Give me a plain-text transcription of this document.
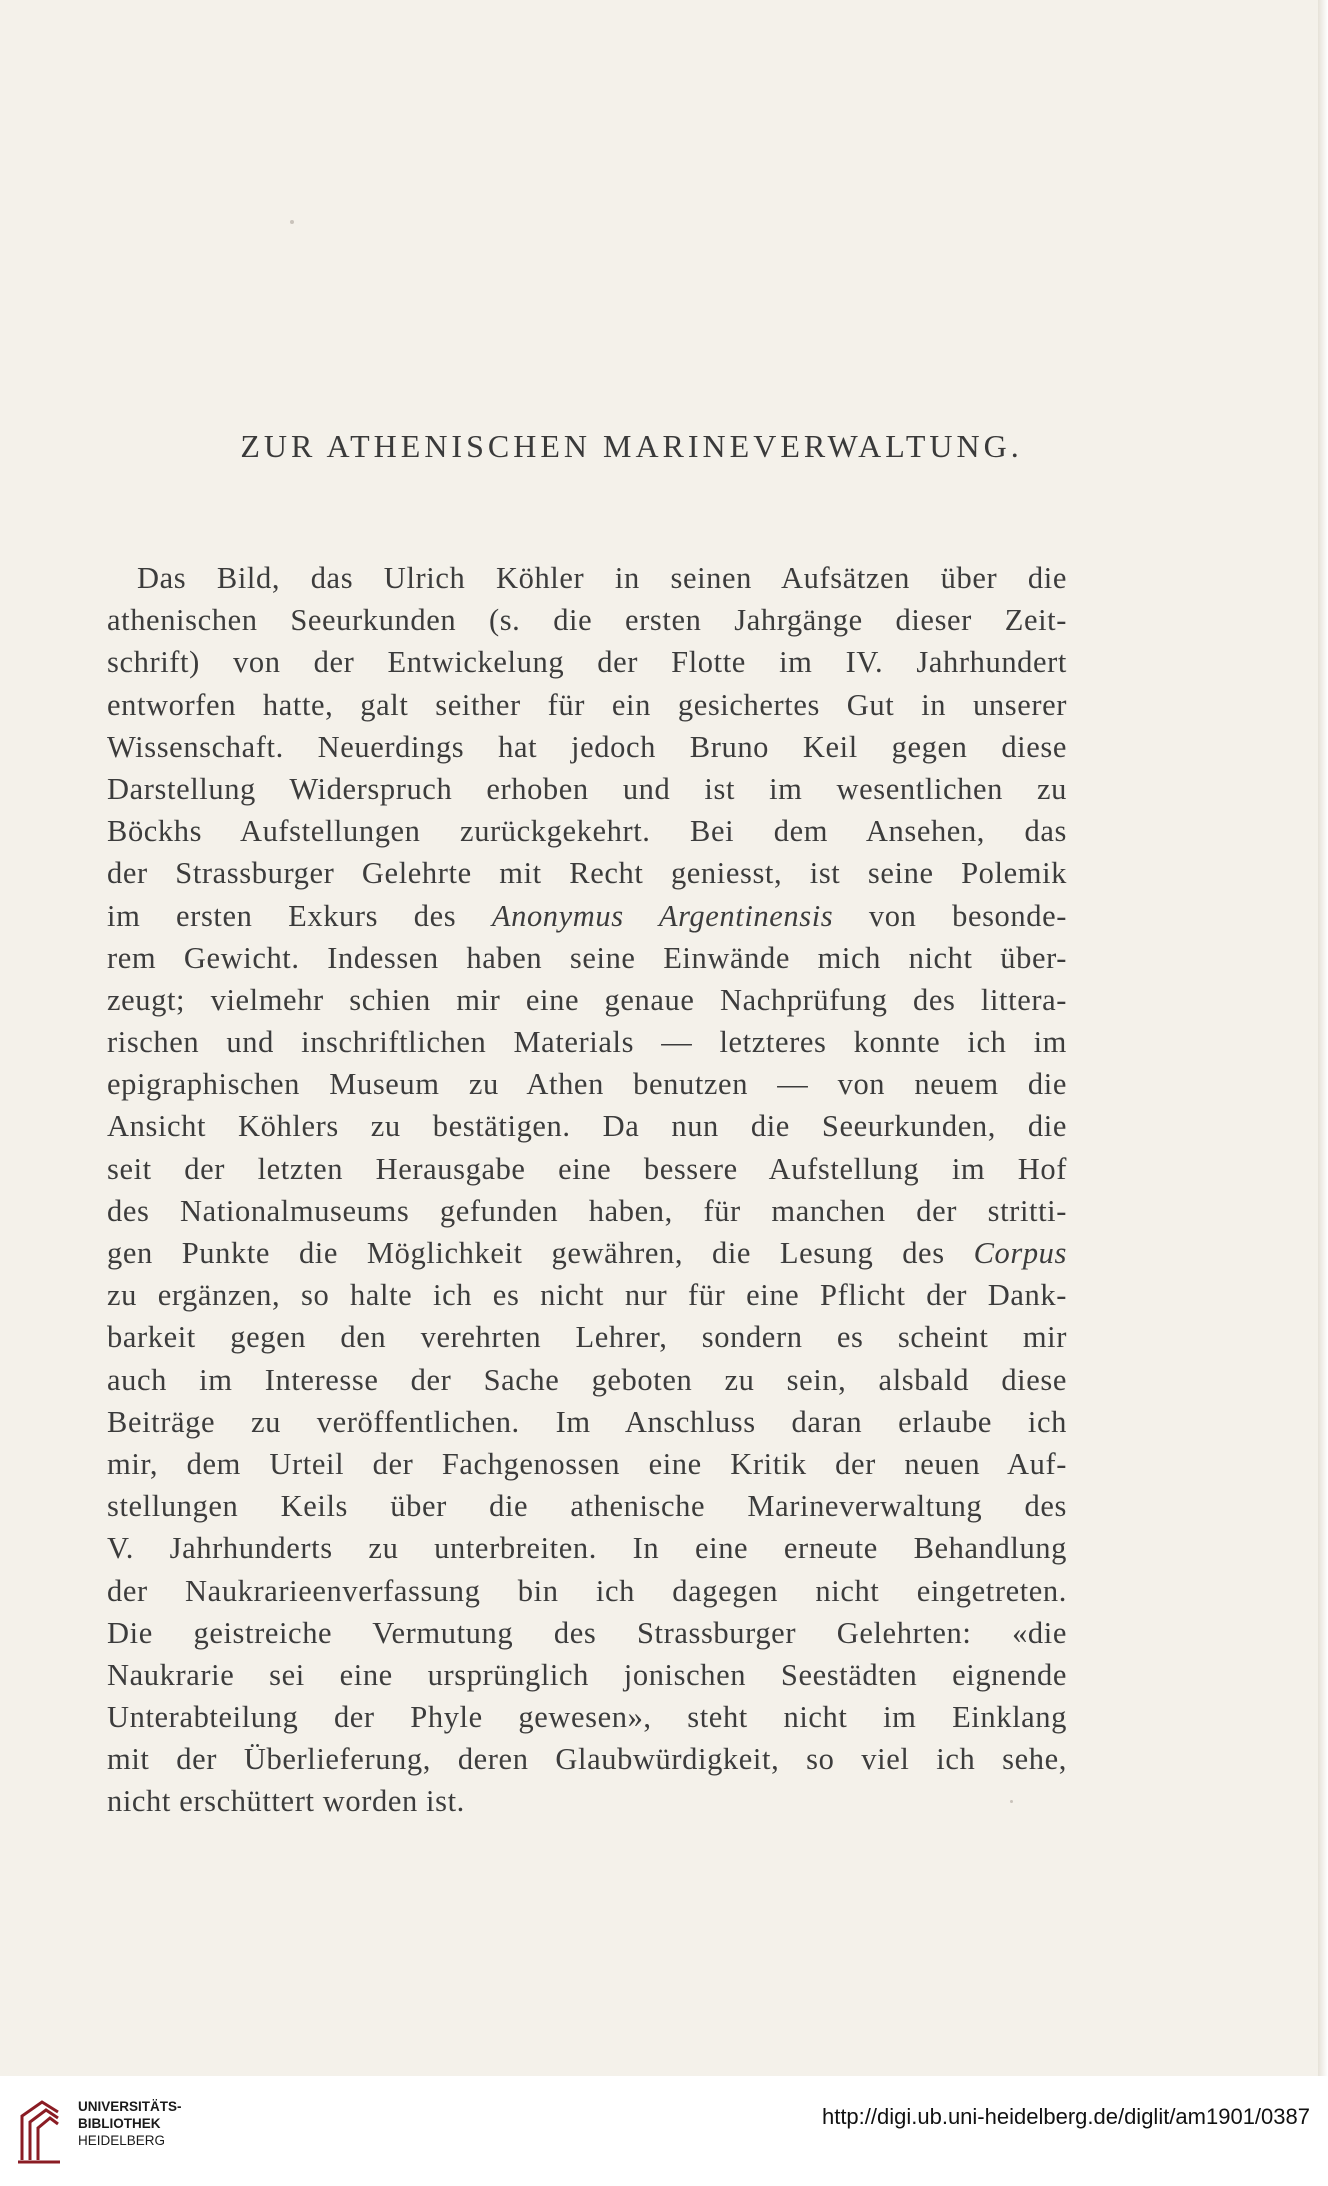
ZUR ATHENISCHEN MARINEVERWALTUNG.
Das Bild, das Ulrich Köhler in seinen Aufsätzen über die
athenischen Seeurkunden (s. die ersten Jahrgänge dieser Zeit-
schrift) von der Entwickelung der Flotte im IV. Jahrhundert
entworfen hatte, galt seither für ein gesichertes Gut in unserer
Wissenschaft. Neuerdings hat jedoch Bruno Keil gegen diese
Darstellung Widerspruch erhoben und ist im wesentlichen zu
Böckhs Aufstellungen zurückgekehrt. Bei dem Ansehen, das
der Strassburger Gelehrte mit Recht geniesst, ist seine Polemik
im ersten Exkurs des Anonymus Argentinensis von besonde-
rem Gewicht. Indessen haben seine Einwände mich nicht über-
zeugt; vielmehr schien mir eine genaue Nachprüfung des littera-
rischen und inschriftlichen Materials — letzteres konnte ich im
epigraphischen Museum zu Athen benutzen — von neuem die
Ansicht Köhlers zu bestätigen. Da nun die Seeurkunden, die
seit der letzten Herausgabe eine bessere Aufstellung im Hof
des Nationalmuseums gefunden haben, für manchen der stritti-
gen Punkte die Möglichkeit gewähren, die Lesung des Corpus
zu ergänzen, so halte ich es nicht nur für eine Pflicht der Dank-
barkeit gegen den verehrten Lehrer, sondern es scheint mir
auch im Interesse der Sache geboten zu sein, alsbald diese
Beiträge zu veröffentlichen. Im Anschluss daran erlaube ich
mir, dem Urteil der Fachgenossen eine Kritik der neuen Auf-
stellungen Keils über die athenische Marineverwaltung des
V. Jahrhunderts zu unterbreiten. In eine erneute Behandlung
der Naukrarieenverfassung bin ich dagegen nicht eingetreten.
Die geistreiche Vermutung des Strassburger Gelehrten: «die
Naukrarie sei eine ursprünglich jonischen Seestädten eignende
Unterabteilung der Phyle gewesen», steht nicht im Einklang
mit der Überlieferung, deren Glaubwürdigkeit, so viel ich sehe,
nicht erschüttert worden ist.
UNIVERSITÄTS-
BIBLIOTHEK
HEIDELBERG
http://digi.ub.uni-heidelberg.de/diglit/am1901/0387
